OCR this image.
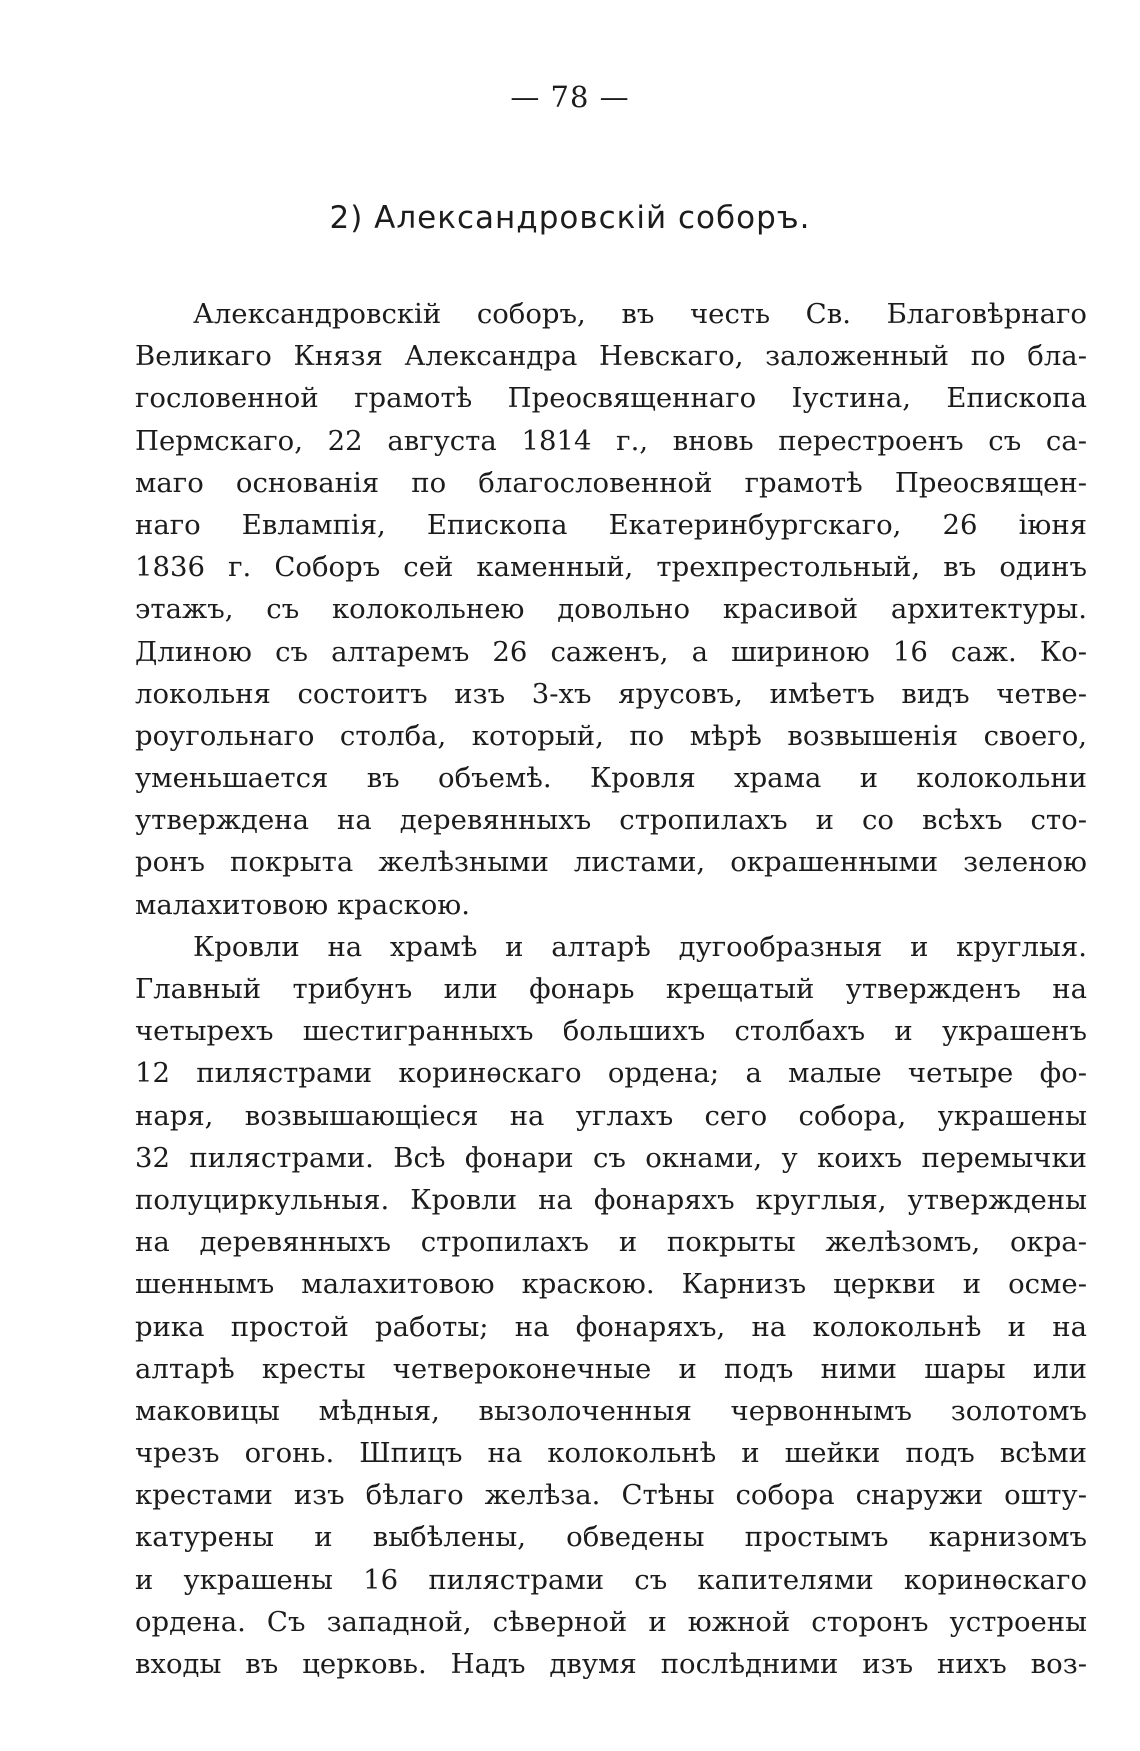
— 78 —
2) Александровскій соборъ.
Александровскій соборъ, въ честь Св. Благовѣрнаго
Великаго Князя Александра Невскаго, заложенный по бла-
гословенной грамотѣ Преосвященнаго Іустина, Епископа
Пермскаго, 22 августа 1814 г., вновь перестроенъ съ са-
маго основанія по благословенной грамотѣ Преосвящен-
наго Евлампія, Епископа Екатеринбургскаго, 26 іюня
1836 г. Соборъ сей каменный, трехпрестольный, въ одинъ
этажъ, съ колокольнею довольно красивой архитектуры.
Длиною съ алтаремъ 26 саженъ, а шириною 16 саж. Ко-
локольня состоитъ изъ 3-хъ ярусовъ, имѣетъ видъ четве-
роугольнаго столба, который, по мѣрѣ возвышенія своего,
уменьшается въ объемѣ. Кровля храма и колокольни
утверждена на деревянныхъ стропилахъ и со всѣхъ сто-
ронъ покрыта желѣзными листами, окрашенными зеленою
малахитовою краскою.
Кровли на храмѣ и алтарѣ дугообразныя и круглыя.
Главный трибунъ или фонарь крещатый утвержденъ на
четырехъ шестигранныхъ большихъ столбахъ и украшенъ
12 пилястрами коринѳскаго ордена; а малые четыре фо-
наря, возвышающіеся на углахъ сего собора, украшены
32 пилястрами. Всѣ фонари съ окнами, у коихъ перемычки
полуциркульныя. Кровли на фонаряхъ круглыя, утверждены
на деревянныхъ стропилахъ и покрыты желѣзомъ, окра-
шеннымъ малахитовою краскою. Карнизъ церкви и осме-
рика простой работы; на фонаряхъ, на колокольнѣ и на
алтарѣ кресты четвероконечные и подъ ними шары или
маковицы мѣдныя, вызолоченныя червоннымъ золотомъ
чрезъ огонь. Шпицъ на колокольнѣ и шейки подъ всѣми
крестами изъ бѣлаго желѣза. Стѣны собора снаружи ошту-
катурены и выбѣлены, обведены простымъ карнизомъ
и украшены 16 пилястрами съ капителями коринѳскаго
ордена. Съ западной, сѣверной и южной сторонъ устроены
входы въ церковь. Надъ двумя послѣдними изъ нихъ воз-
